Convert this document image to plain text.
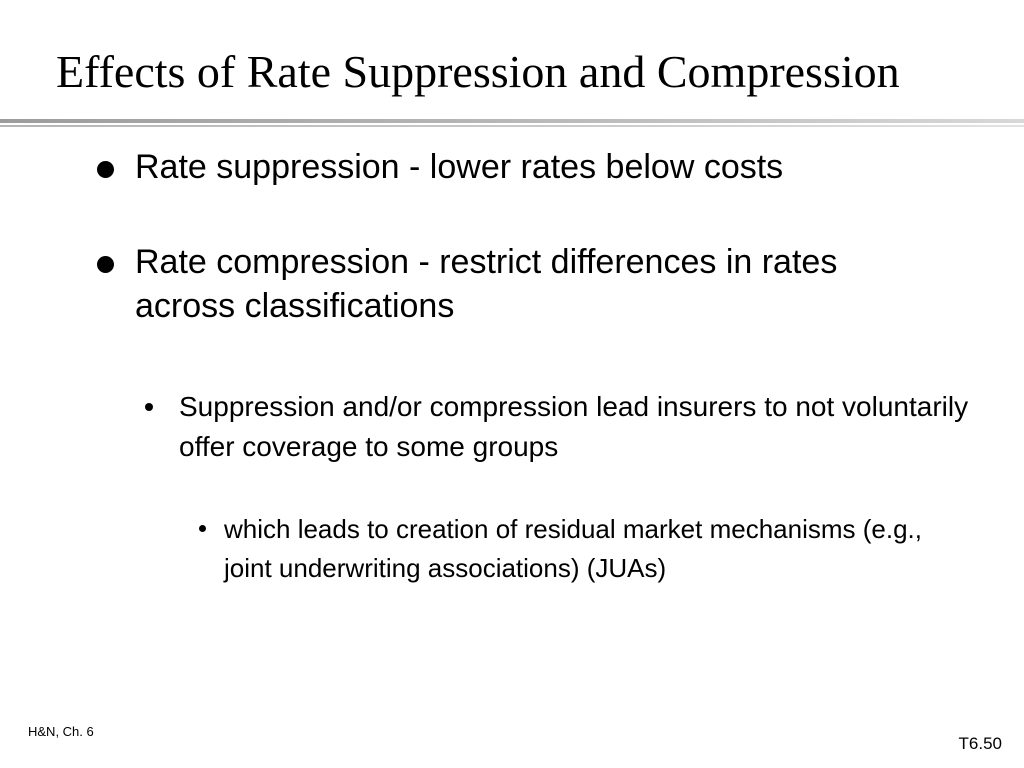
Effects of Rate Suppression and Compression
Rate suppression - lower rates below costs
Rate compression - restrict differences in rates across classifications
Suppression and/or compression lead insurers to not voluntarily offer coverage to some groups
which leads to creation of residual market mechanisms (e.g., joint underwriting associations) (JUAs)
H&N, Ch. 6
T6.50
